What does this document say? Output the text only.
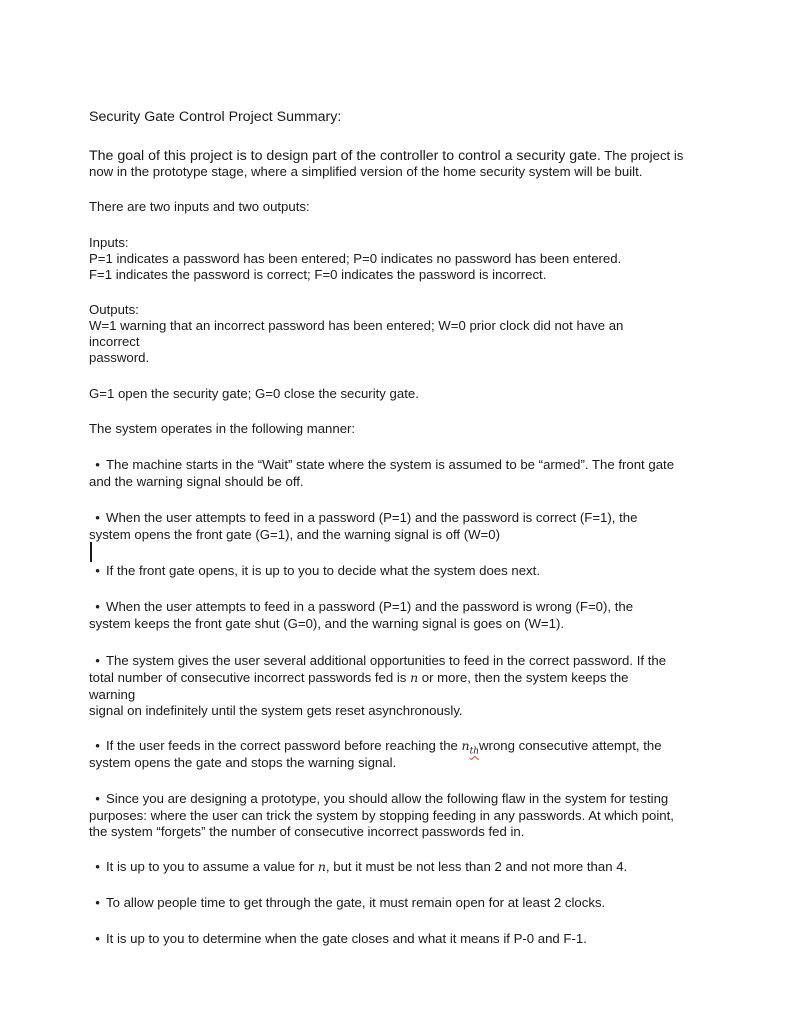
Security Gate Control Project Summary:
The goal of this project is to design part of the controller to control a security gate. The project is
now in the prototype stage, where a simplified version of the home security system will be built.
There are two inputs and two outputs:
Inputs:
P=1 indicates a password has been entered; P=0 indicates no password has been entered.
F=1 indicates the password is correct; F=0 indicates the password is incorrect.
Outputs:
W=1 warning that an incorrect password has been entered; W=0 prior clock did not have an
incorrect
password.
G=1 open the security gate; G=0 close the security gate.
The system operates in the following manner:
• The machine starts in the “Wait” state where the system is assumed to be “armed”. The front gate
and the warning signal should be off.
• When the user attempts to feed in a password (P=1) and the password is correct (F=1), the
system opens the front gate (G=1), and the warning signal is off (W=0)
• If the front gate opens, it is up to you to decide what the system does next.
• When the user attempts to feed in a password (P=1) and the password is wrong (F=0), the
system keeps the front gate shut (G=0), and the warning signal is goes on (W=1).
• The system gives the user several additional opportunities to feed in the correct password. If the
total number of consecutive incorrect passwords fed is n or more, then the system keeps the
warning
signal on indefinitely until the system gets reset asynchronously.
• If the user feeds in the correct password before reaching the $n_{th}wrong$ consecutive attempt, the
system opens the gate and stops the warning signal.
• Since you are designing a prototype, you should allow the following flaw in the system for testing
purposes: where the user can trick the system by stopping feeding in any passwords. At which point,
the system “forgets” the number of consecutive incorrect passwords fed in.
• It is up to you to assume a value for n, but it must be not less than 2 and not more than 4.
• To allow people time to get through the gate, it must remain open for at least 2 clocks.
• It is up to you to determine when the gate closes and what it means if P-0 and F-1.
